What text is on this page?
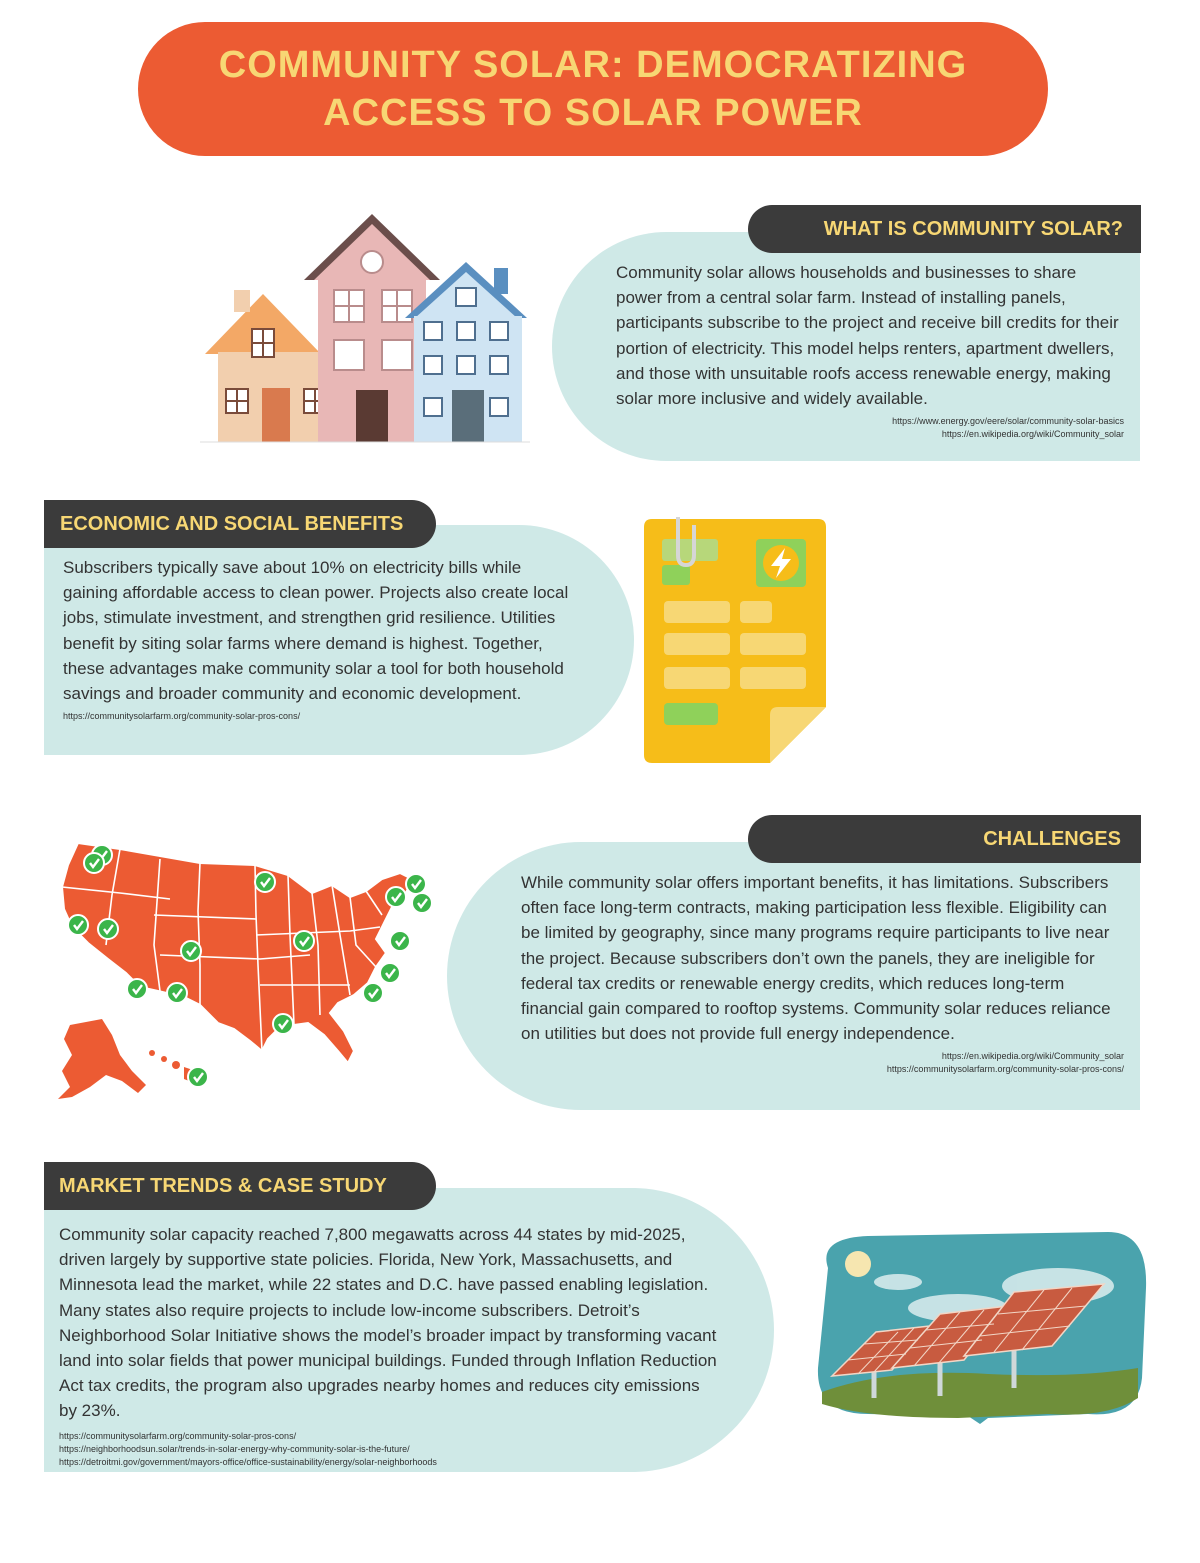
COMMUNITY SOLAR: DEMOCRATIZING
ACCESS TO SOLAR POWER

Community solar allows households and businesses to share power from a central solar farm. Instead of installing panels, participants subscribe to the project and receive bill credits for their portion of electricity. This model helps renters, apartment dwellers, and those with unsuitable roofs access renewable energy, making solar more inclusive and widely available.

https://www.energy.gov/eere/solar/community-solar-basics
https://en.wikipedia.org/wiki/Community_solar
WHAT IS COMMUNITY SOLAR?

Subscribers typically save about 10% on electricity bills while gaining affordable access to clean power. Projects also create local jobs, stimulate investment, and strengthen grid resilience. Utilities benefit by siting solar farms where demand is highest. Together, these advantages make community solar a tool for both household savings and broader community and economic development.

https://communitysolarfarm.org/community-solar-pros-cons/
ECONOMIC AND SOCIAL BENEFITS

While community solar offers important benefits, it has limitations. Subscribers often face long-term contracts, making participation less flexible. Eligibility can be limited by geography, since many programs require participants to live near the project. Because subscribers don’t own the panels, they are ineligible for federal tax credits or renewable energy credits, which reduces long-term financial gain compared to rooftop systems. Community solar reduces reliance on utilities but does not provide full energy independence.

https://en.wikipedia.org/wiki/Community_solar
https://communitysolarfarm.org/community-solar-pros-cons/
CHALLENGES

Community solar capacity reached 7,800 megawatts across 44 states by mid-2025, driven largely by supportive state policies. Florida, New York, Massachusetts, and Minnesota lead the market, while 22 states and D.C. have passed enabling legislation. Many states also require projects to include low-income subscribers. Detroit’s Neighborhood Solar Initiative shows the model’s broader impact by transforming vacant land into solar fields that power municipal buildings. Funded through Inflation Reduction Act tax credits, the program also upgrades nearby homes and reduces city emissions by 23%.

https://communitysolarfarm.org/community-solar-pros-cons/
https://neighborhoodsun.solar/trends-in-solar-energy-why-community-solar-is-the-future/
https://detroitmi.gov/government/mayors-office/office-sustainability/energy/solar-neighborhoods
MARKET TRENDS & CASE STUDY
